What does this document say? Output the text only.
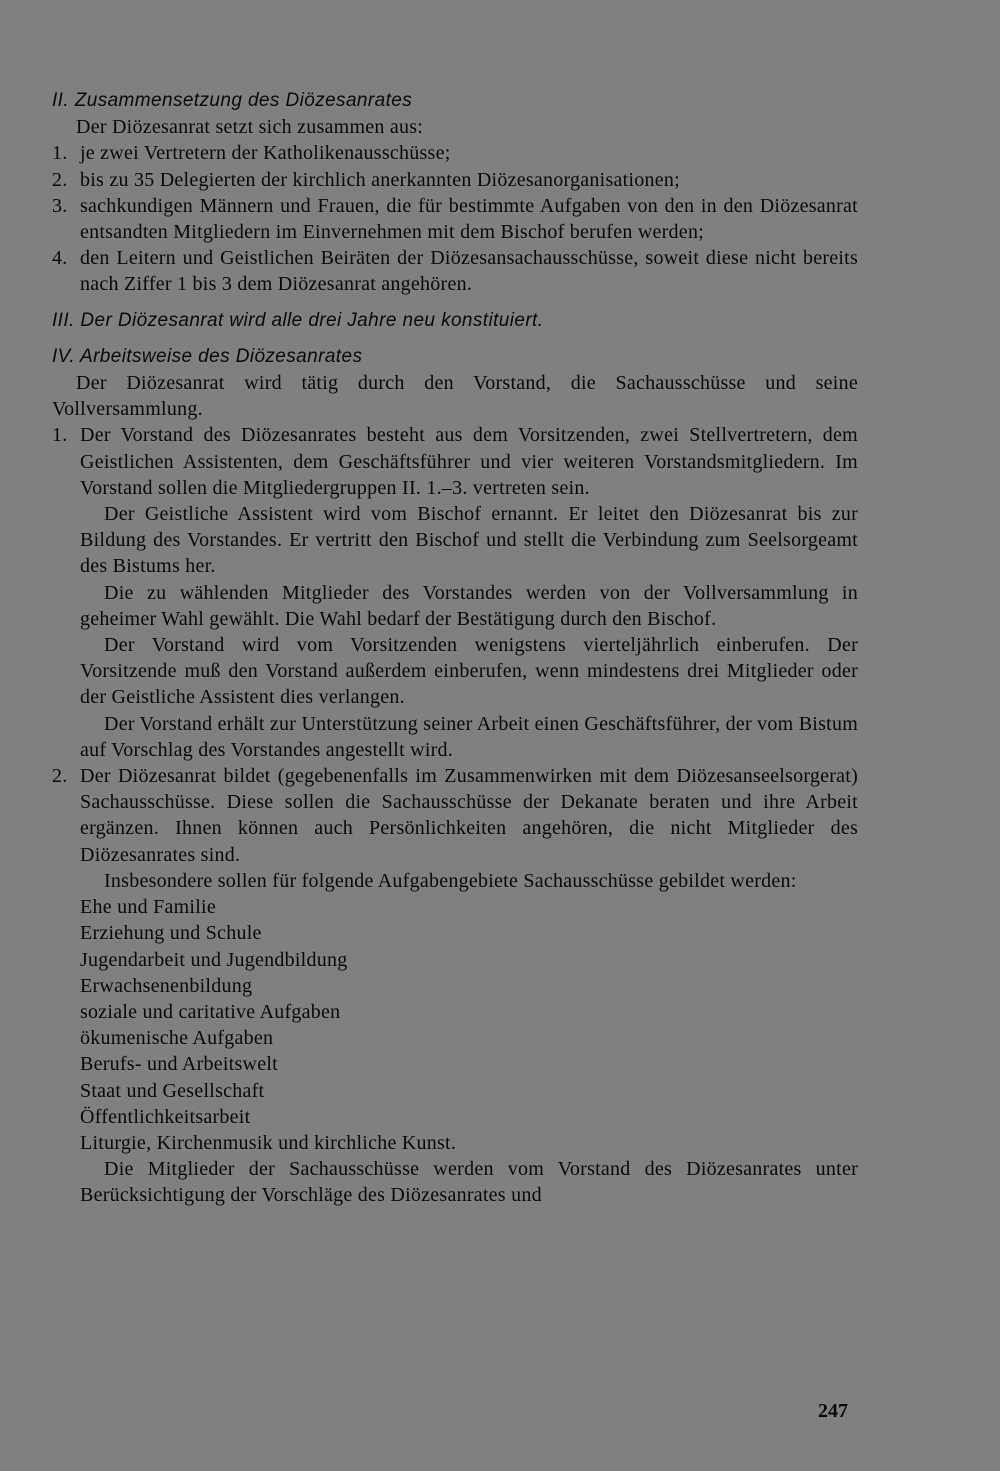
II. Zusammensetzung des Diözesanrates
Der Diözesanrat setzt sich zusammen aus:
1. je zwei Vertretern der Katholikenausschüsse;
2. bis zu 35 Delegierten der kirchlich anerkannten Diözesanorganisationen;
3. sachkundigen Männern und Frauen, die für bestimmte Aufgaben von den in den Diözesanrat entsandten Mitgliedern im Einvernehmen mit dem Bischof berufen werden;
4. den Leitern und Geistlichen Beiräten der Diözesansachausschüsse, soweit diese nicht bereits nach Ziffer 1 bis 3 dem Diözesanrat angehören.
III. Der Diözesanrat wird alle drei Jahre neu konstituiert.
IV. Arbeitsweise des Diözesanrates
Der Diözesanrat wird tätig durch den Vorstand, die Sachausschüsse und seine Vollversammlung.
1. Der Vorstand des Diözesanrates besteht aus dem Vorsitzenden, zwei Stellvertretern, dem Geistlichen Assistenten, dem Geschäftsführer und vier weiteren Vorstandsmitgliedern. Im Vorstand sollen die Mitgliedergruppen II. 1.–3. vertreten sein.
Der Geistliche Assistent wird vom Bischof ernannt. Er leitet den Diözesanrat bis zur Bildung des Vorstandes. Er vertritt den Bischof und stellt die Verbindung zum Seelsorgeamt des Bistums her.
Die zu wählenden Mitglieder des Vorstandes werden von der Vollversammlung in geheimer Wahl gewählt. Die Wahl bedarf der Bestätigung durch den Bischof.
Der Vorstand wird vom Vorsitzenden wenigstens vierteljährlich einberufen. Der Vorsitzende muß den Vorstand außerdem einberufen, wenn mindestens drei Mitglieder oder der Geistliche Assistent dies verlangen.
Der Vorstand erhält zur Unterstützung seiner Arbeit einen Geschäftsführer, der vom Bistum auf Vorschlag des Vorstandes angestellt wird.
2. Der Diözesanrat bildet (gegebenenfalls im Zusammenwirken mit dem Diözesanseelsorgerat) Sachausschüsse. Diese sollen die Sachausschüsse der Dekanate beraten und ihre Arbeit ergänzen. Ihnen können auch Persönlichkeiten angehören, die nicht Mitglieder des Diözesanrates sind.
Insbesondere sollen für folgende Aufgabengebiete Sachausschüsse gebildet werden:
Ehe und Familie
Erziehung und Schule
Jugendarbeit und Jugendbildung
Erwachsenenbildung
soziale und caritative Aufgaben
ökumenische Aufgaben
Berufs- und Arbeitswelt
Staat und Gesellschaft
Öffentlichkeitsarbeit
Liturgie, Kirchenmusik und kirchliche Kunst.
Die Mitglieder der Sachausschüsse werden vom Vorstand des Diözesanrates unter Berücksichtigung der Vorschläge des Diözesanrates und
247
